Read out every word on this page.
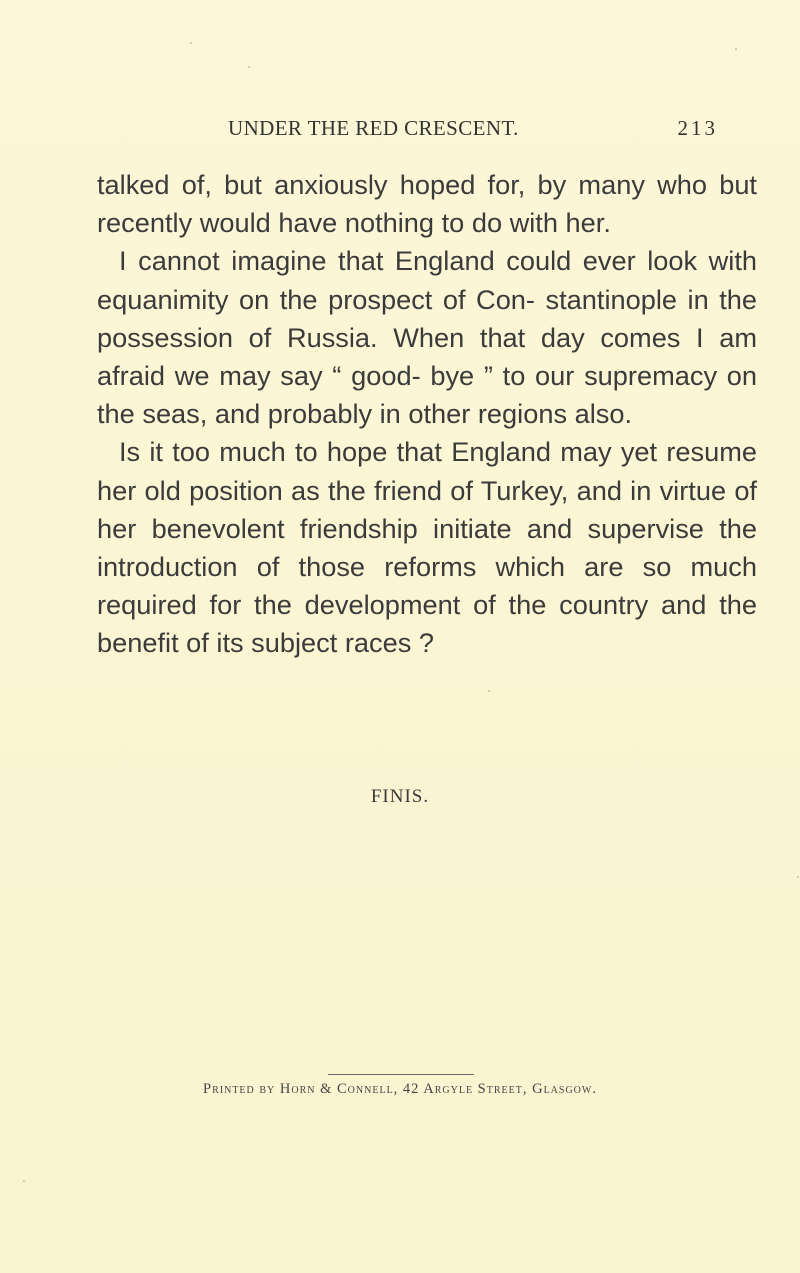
UNDER THE RED CRESCENT.	213

talked of, but anxiously hoped for, by many who but recently would have nothing to do with her.

I cannot imagine that England could ever look with equanimity on the prospect of Con- stantinople in the possession of Russia. When that day comes I am afraid we may say “ good- bye ” to our supremacy on the seas, and probably in other regions also.

Is it too much to hope that England may yet resume her old position as the friend of Turkey, and in virtue of her benevolent friendship initiate and supervise the introduction of those reforms which are so much required for the development of the country and the benefit of its subject races ?

FINIS.
Printed by Horn & Connell, 42 Argyle Street, Glasgow.
